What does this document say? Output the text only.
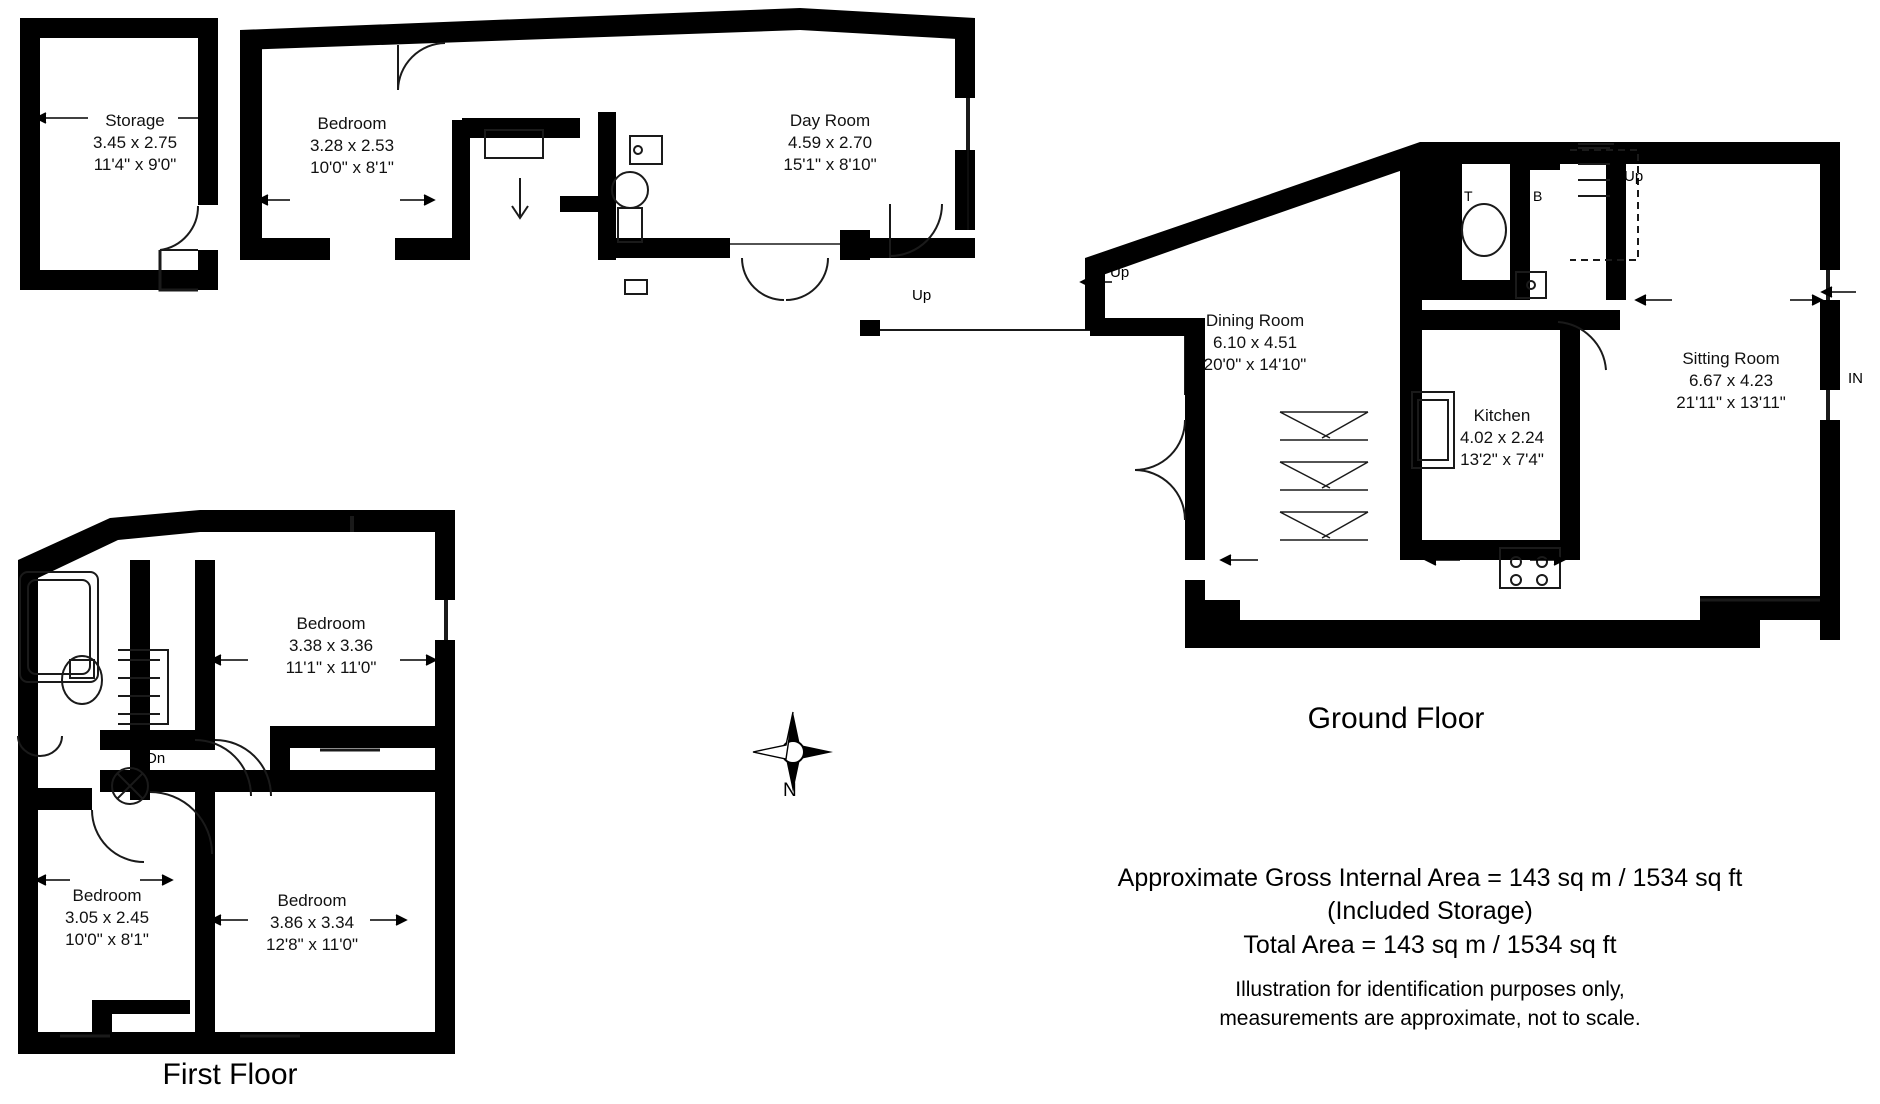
Storage
3.45 x 2.75
11'4" x 9'0"
Bedroom
3.28 x 2.53
10'0" x 8'1"
Day Room
4.59 x 2.70
15'1" x 8'10"
Up
Dining Room
6.10 x 4.51
20'0" x 14'10"
Kitchen
4.02 x 2.24
13'2" x 7'4"
Sitting Room
6.67 x 4.23
21'11" x 13'11"
Up
Up
IN
T	B
Ground Floor
Bedroom
3.38 x 3.36
11'1" x 11'0"
Bedroom
3.05 x 2.45
10'0" x 8'1"
Bedroom
3.86 x 3.34
12'8" x 11'0"
Dn
First Floor
N
Approximate Gross Internal Area = 143 sq m / 1534 sq ft
(Included Storage)
Total Area = 143 sq m / 1534 sq ft
Illustration for identification purposes only,
measurements are approximate, not to scale.
